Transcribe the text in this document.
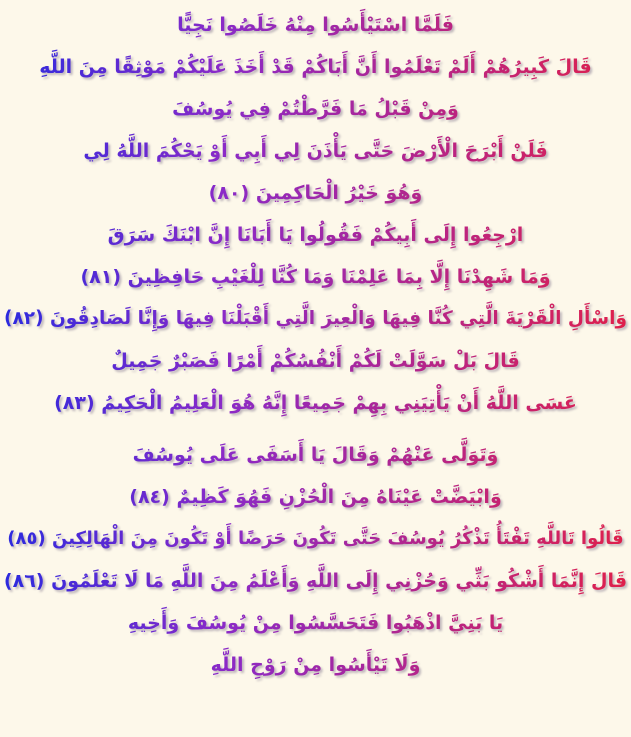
فَلَمَّا اسْتَيْأَسُوا مِنْهُ خَلَصُوا نَجِيًّا
قَالَ كَبِيرُهُمْ أَلَمْ تَعْلَمُوا أَنَّ أَبَاكُمْ قَدْ أَخَذَ عَلَيْكُمْ مَوْثِقًا مِنَ اللَّهِ
وَمِنْ قَبْلُ مَا فَرَّطْتُمْ فِي يُوسُفَ
فَلَنْ أَبْرَحَ الْأَرْضَ حَتَّى يَأْذَنَ لِي أَبِي أَوْ يَحْكُمَ اللَّهُ لِي
وَهُوَ خَيْرُ الْحَاكِمِينَ (٨٠)
ارْجِعُوا إِلَى أَبِيكُمْ فَقُولُوا يَا أَبَانَا إِنَّ ابْنَكَ سَرَقَ
وَمَا شَهِدْنَا إِلَّا بِمَا عَلِمْنَا وَمَا كُنَّا لِلْغَيْبِ حَافِظِينَ (٨١)
وَاسْأَلِ الْقَرْيَةَ الَّتِي كُنَّا فِيهَا وَالْعِيرَ الَّتِي أَقْبَلْنَا فِيهَا وَإِنَّا لَصَادِقُونَ (٨٢)
قَالَ بَلْ سَوَّلَتْ لَكُمْ أَنْفُسُكُمْ أَمْرًا فَصَبْرٌ جَمِيلٌ
عَسَى اللَّهُ أَنْ يَأْتِيَنِي بِهِمْ جَمِيعًا إِنَّهُ هُوَ الْعَلِيمُ الْحَكِيمُ (٨٣)
وَتَوَلَّى عَنْهُمْ وَقَالَ يَا أَسَفَى عَلَى يُوسُفَ
وَابْيَضَّتْ عَيْنَاهُ مِنَ الْحُزْنِ فَهُوَ كَظِيمٌ (٨٤)
قَالُوا تَاللَّهِ تَفْتَأُ تَذْكُرُ يُوسُفَ حَتَّى تَكُونَ حَرَضًا أَوْ تَكُونَ مِنَ الْهَالِكِينَ (٨٥)
قَالَ إِنَّمَا أَشْكُو بَثِّي وَحُزْنِي إِلَى اللَّهِ وَأَعْلَمُ مِنَ اللَّهِ مَا لَا تَعْلَمُونَ (٨٦)
يَا بَنِيَّ اذْهَبُوا فَتَحَسَّسُوا مِنْ يُوسُفَ وَأَخِيهِ
وَلَا تَيْأَسُوا مِنْ رَوْحِ اللَّهِ
